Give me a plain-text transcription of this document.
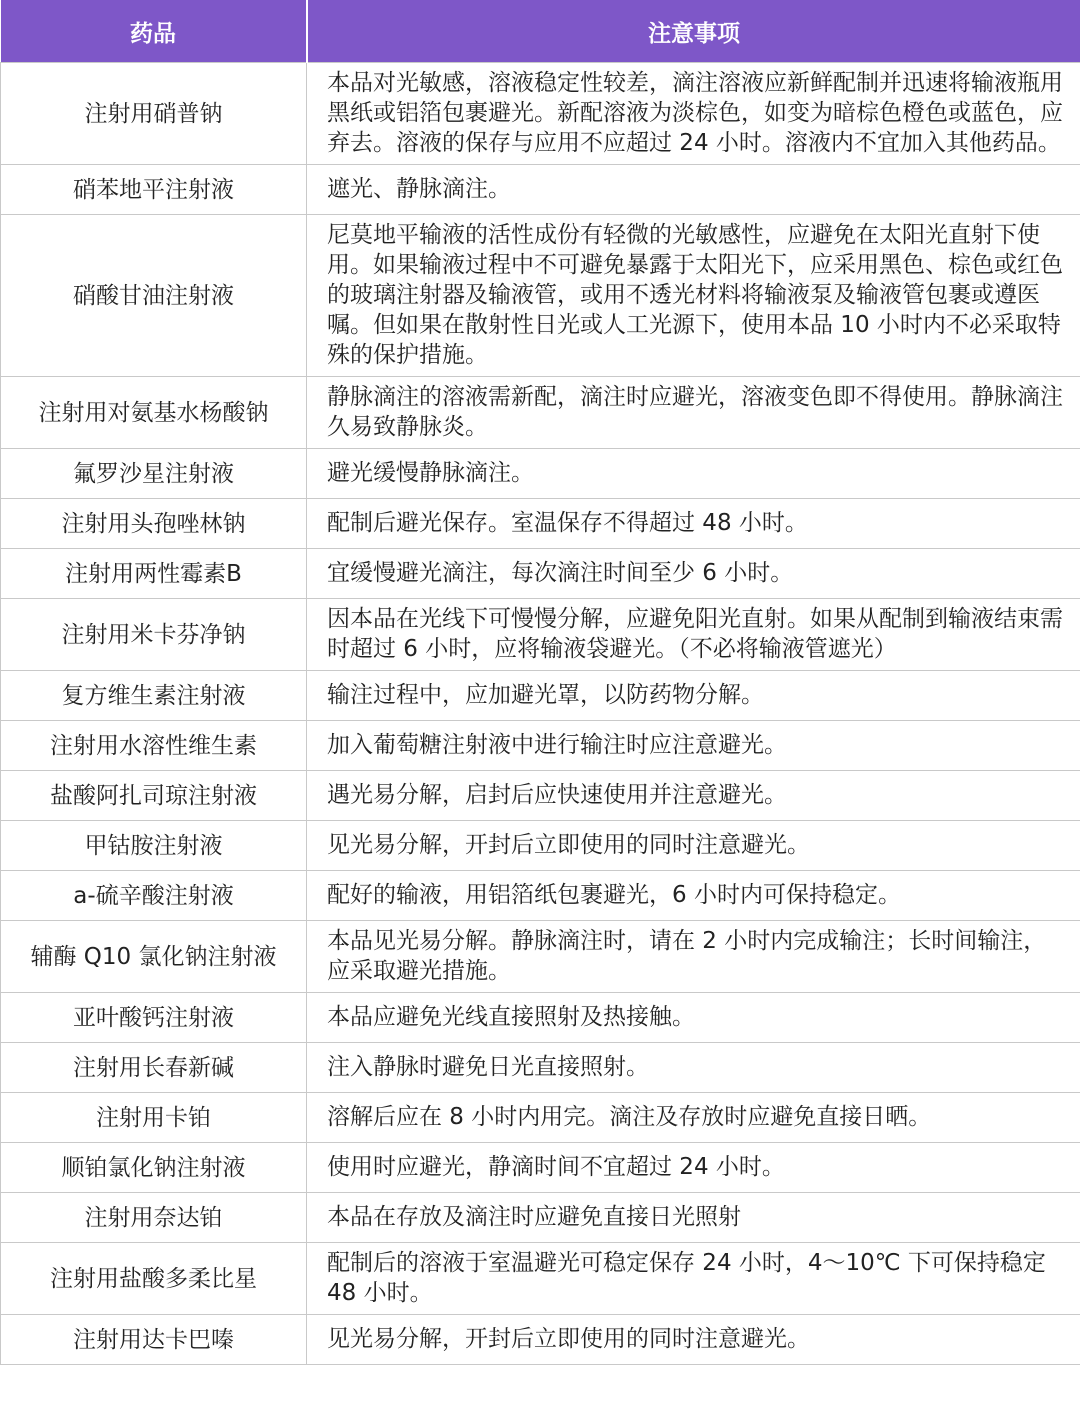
药品	注意事项
注射用硝普钠	本品对光敏感，溶液稳定性较差，滴注溶液应新鲜配制并迅速将输液瓶用黑纸或铝箔包裹避光。新配溶液为淡棕色，如变为暗棕色橙色或蓝色，应弃去。溶液的保存与应用不应超过 24 小时。溶液内不宜加入其他药品。
硝苯地平注射液	遮光、静脉滴注。
硝酸甘油注射液	尼莫地平输液的活性成份有轻微的光敏感性，应避免在太阳光直射下使用。如果输液过程中不可避免暴露于太阳光下，应采用黑色、棕色或红色的玻璃注射器及输液管，或用不透光材料将输液泵及输液管包裹或遵医嘱。但如果在散射性日光或人工光源下，使用本品 10 小时内不必采取特殊的保护措施。
注射用对氨基水杨酸钠	静脉滴注的溶液需新配，滴注时应避光，溶液变色即不得使用。静脉滴注久易致静脉炎。
氟罗沙星注射液	避光缓慢静脉滴注。
注射用头孢唑林钠	配制后避光保存。室温保存不得超过 48 小时。
注射用两性霉素B	宜缓慢避光滴注，每次滴注时间至少 6 小时。
注射用米卡芬净钠	因本品在光线下可慢慢分解，应避免阳光直射。如果从配制到输液结束需时超过 6 小时，应将输液袋避光。（不必将输液管遮光）
复方维生素注射液	输注过程中，应加避光罩，以防药物分解。
注射用水溶性维生素	加入葡萄糖注射液中进行输注时应注意避光。
盐酸阿扎司琼注射液	遇光易分解，启封后应快速使用并注意避光。
甲钴胺注射液	见光易分解，开封后立即使用的同时注意避光。
a-硫辛酸注射液	配好的输液，用铝箔纸包裹避光，6 小时内可保持稳定。
辅酶 Q10 氯化钠注射液	本品见光易分解。静脉滴注时，请在 2 小时内完成输注；长时间输注，应采取避光措施。
亚叶酸钙注射液	本品应避免光线直接照射及热接触。
注射用长春新碱	注入静脉时避免日光直接照射。
注射用卡铂	溶解后应在 8 小时内用完。滴注及存放时应避免直接日晒。
顺铂氯化钠注射液	使用时应避光，静滴时间不宜超过 24 小时。
注射用奈达铂	本品在存放及滴注时应避免直接日光照射
注射用盐酸多柔比星	配制后的溶液于室温避光可稳定保存 24 小时，4～10℃ 下可保持稳定 48 小时。
注射用达卡巴嗪	见光易分解，开封后立即使用的同时注意避光。
